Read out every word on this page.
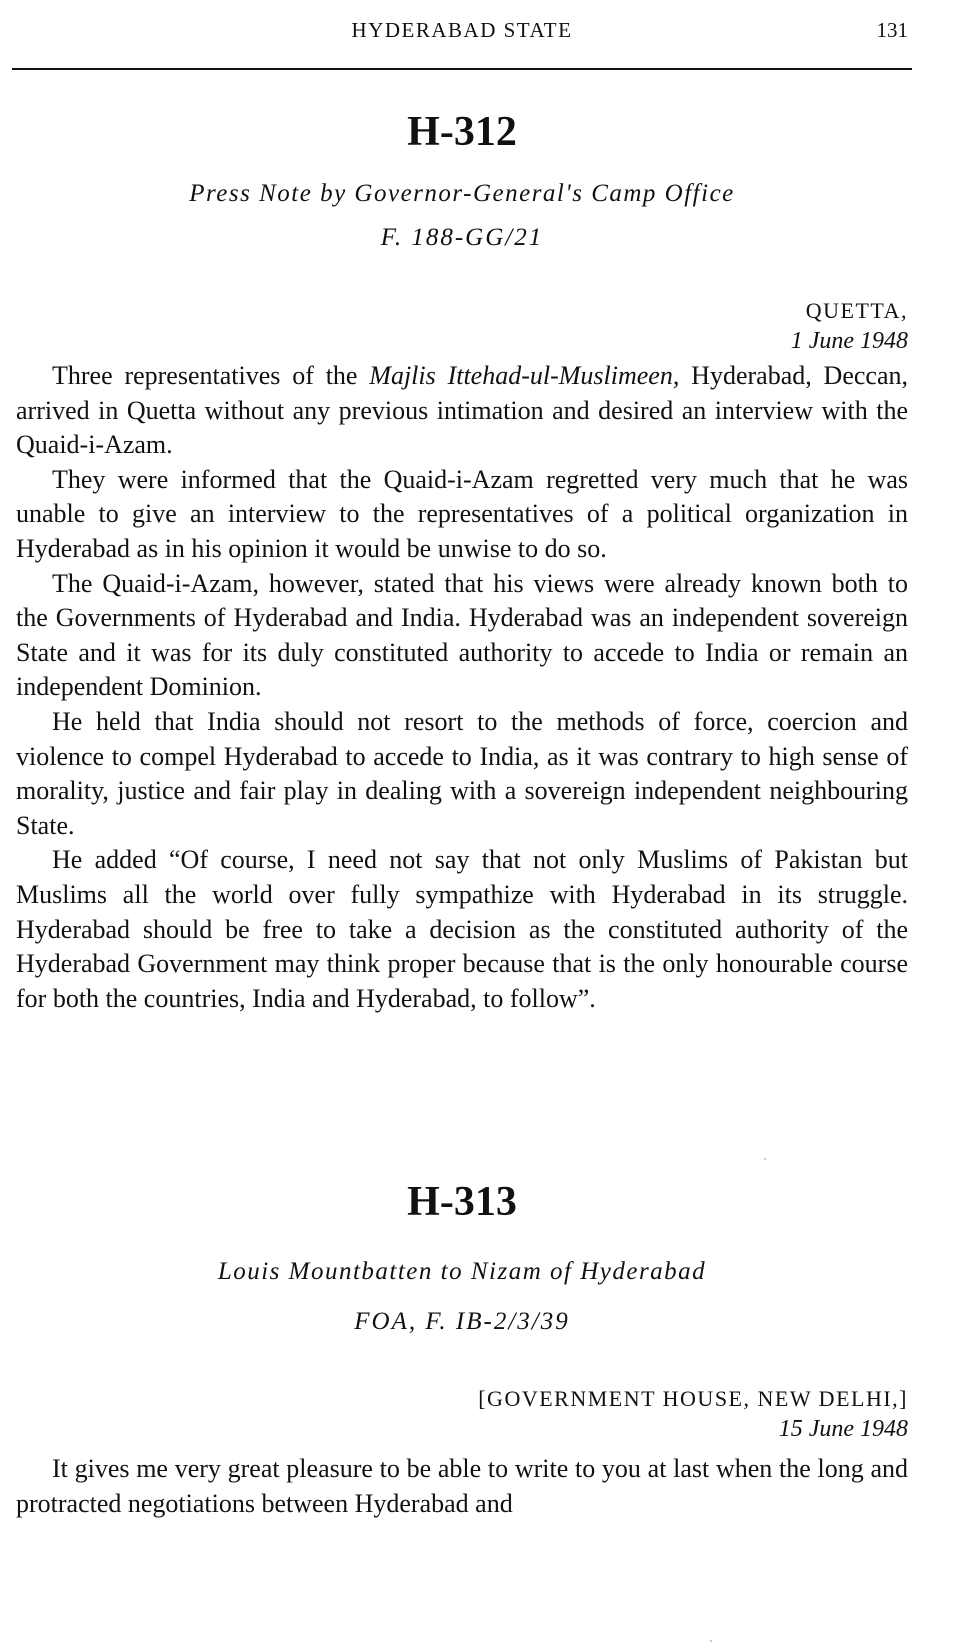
HYDERABAD STATE	131
H-312

Press Note by Governor-General's Camp Office

F. 188-GG/21

QUETTA,

1 June 1948

Three representatives of the Majlis Ittehad-ul-Muslimeen, Hyderabad, Deccan, arrived in Quetta without any previous intimation and desired an interview with the Quaid-i-Azam.

They were informed that the Quaid-i-Azam regretted very much that he was unable to give an interview to the representatives of a political organization in Hyderabad as in his opinion it would be unwise to do so.

The Quaid-i-Azam, however, stated that his views were already known both to the Governments of Hyderabad and India. Hyderabad was an independent sovereign State and it was for its duly constituted authority to accede to India or remain an independent Dominion.

He held that India should not resort to the methods of force, coercion and violence to compel Hyderabad to accede to India, as it was contrary to high sense of morality, justice and fair play in dealing with a sovereign independent neighbouring State.

He added “Of course, I need not say that not only Muslims of Pakistan but Muslims all the world over fully sympathize with Hyderabad in its struggle. Hyderabad should be free to take a decision as the constituted authority of the Hyderabad Government may think proper because that is the only honourable course for both the countries, India and Hyderabad, to follow”.

H-313

Louis Mountbatten to Nizam of Hyderabad

FOA, F. IB-2/3/39

[GOVERNMENT HOUSE, NEW DELHI,]

15 June 1948

It gives me very great pleasure to be able to write to you at last when the long and protracted negotiations between Hyderabad and
